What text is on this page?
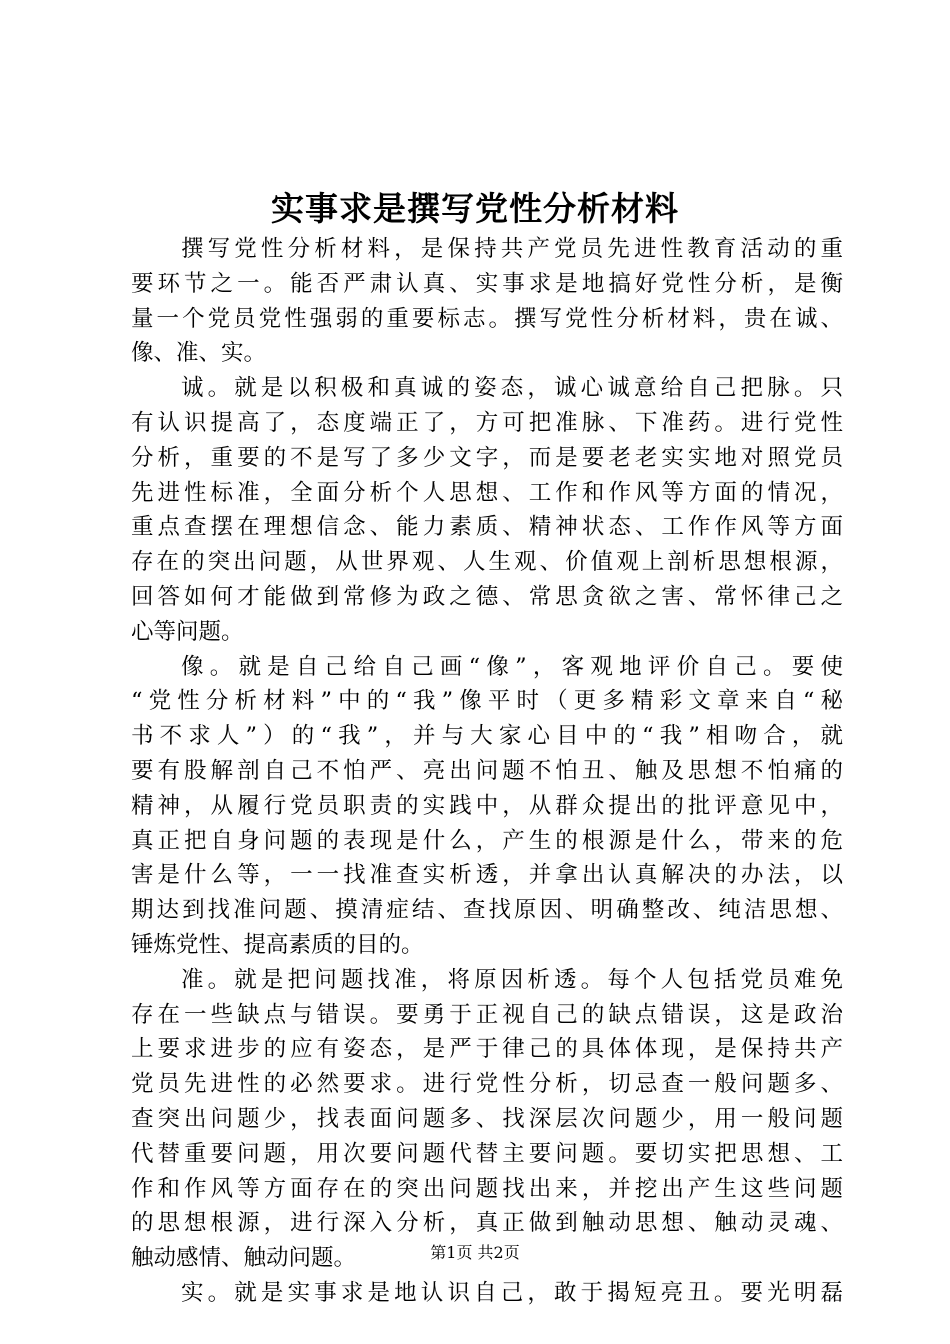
实事求是撰写党性分析材料
撰写党性分析材料，是保持共产党员先进性教育活动的重
要环节之一。能否严肃认真、实事求是地搞好党性分析，是衡
量一个党员党性强弱的重要标志。撰写党性分析材料，贵在诚、
像、准、实。
诚。就是以积极和真诚的姿态，诚心诚意给自己把脉。只
有认识提高了，态度端正了，方可把准脉、下准药。进行党性
分析，重要的不是写了多少文字，而是要老老实实地对照党员
先进性标准，全面分析个人思想、工作和作风等方面的情况，
重点查摆在理想信念、能力素质、精神状态、工作作风等方面
存在的突出问题，从世界观、人生观、价值观上剖析思想根源，
回答如何才能做到常修为政之德、常思贪欲之害、常怀律己之
心等问题。
像。就是自己给自己画“像”，客观地评价自己。要使
“党性分析材料”中的“我”像平时（更多精彩文章来自“秘
书不求人”）的“我”，并与大家心目中的“我”相吻合，就
要有股解剖自己不怕严、亮出问题不怕丑、触及思想不怕痛的
精神，从履行党员职责的实践中，从群众提出的批评意见中，
真正把自身问题的表现是什么，产生的根源是什么，带来的危
害是什么等，一一找准查实析透，并拿出认真解决的办法，以
期达到找准问题、摸清症结、查找原因、明确整改、纯洁思想、
锤炼党性、提高素质的目的。
准。就是把问题找准，将原因析透。每个人包括党员难免
存在一些缺点与错误。要勇于正视自己的缺点错误，这是政治
上要求进步的应有姿态，是严于律己的具体体现，是保持共产
党员先进性的必然要求。进行党性分析，切忌查一般问题多、
查突出问题少，找表面问题多、找深层次问题少，用一般问题
代替重要问题，用次要问题代替主要问题。要切实把思想、工
作和作风等方面存在的突出问题找出来，并挖出产生这些问题
的思想根源，进行深入分析，真正做到触动思想、触动灵魂、
触动感情、触动问题。
实。就是实事求是地认识自己，敢于揭短亮丑。要光明磊
第1页 共2页
